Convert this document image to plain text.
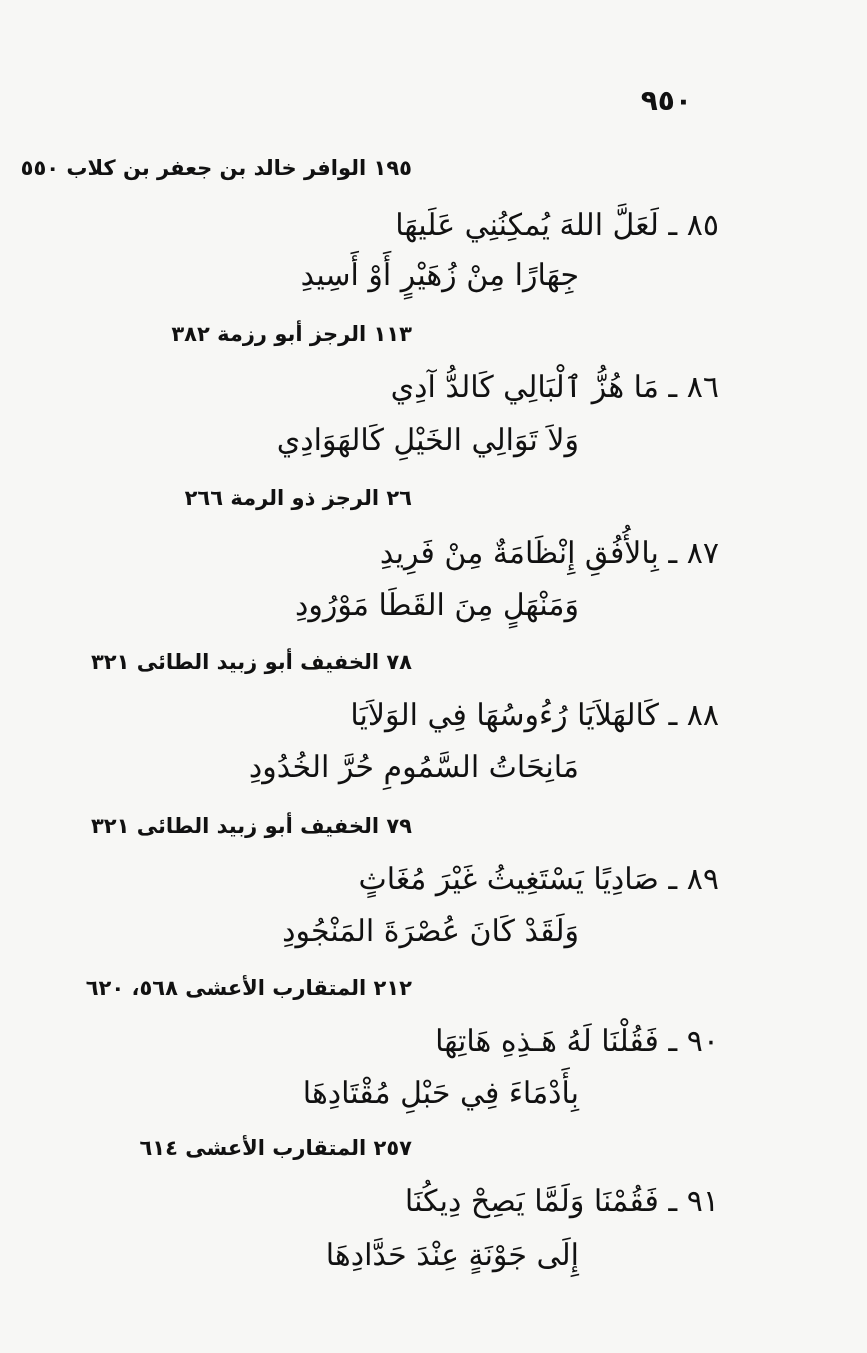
٩٥٠
١٩٥ الوافر خالد بن جعفر بن كلاب ٥٥٠
٨٥ ـ لَعَلَّ اللهَ يُمكِنُنِي عَلَيهَا
جِهَارًا مِنْ زُهَيْرٍ أَوْ أَسِيدِ
١١٣ الرجز أبو رزمة ٣٨٢
٨٦ ـ مَا هُزُّ ٱلْبَالِي كَالدُّ آدِي
وَلاَ تَوَالِي الخَيْلِ كَالهَوَادِي
٢٦ الرجز ذو الرمة ٢٦٦
٨٧ ـ بِالأُفُقِ إِنْظَامَةٌ مِنْ فَرِيدِ
وَمَنْهَلٍ مِنَ القَطَا مَوْرُودِ
٧٨ الخفيف أبو زبيد الطائى ٣٢١
٨٨ ـ كَالهَلاَيَا رُءُوسُهَا فِي الوَلاَيَا
مَانِحَاتُ السَّمُومِ حُرَّ الخُدُودِ
٧٩ الخفيف أبو زبيد الطائى ٣٢١
٨٩ ـ صَادِيًا يَسْتَغِيثُ غَيْرَ مُغَاثٍ
وَلَقَدْ كَانَ عُصْرَةَ المَنْجُودِ
٢١٢ المتقارب الأعشى ٥٦٨، ٦٢٠
٩٠ ـ فَقُلْنَا لَهُ هَـذِهِ هَاتِهَا
بِأَدْمَاءَ فِي حَبْلِ مُقْتَادِهَا
٢٥٧ المتقارب الأعشى ٦١٤
٩١ ـ فَقُمْنَا وَلَمَّا يَصِحْ دِيكُنَا
إِلَى جَوْنَةٍ عِنْدَ حَدَّادِهَا
